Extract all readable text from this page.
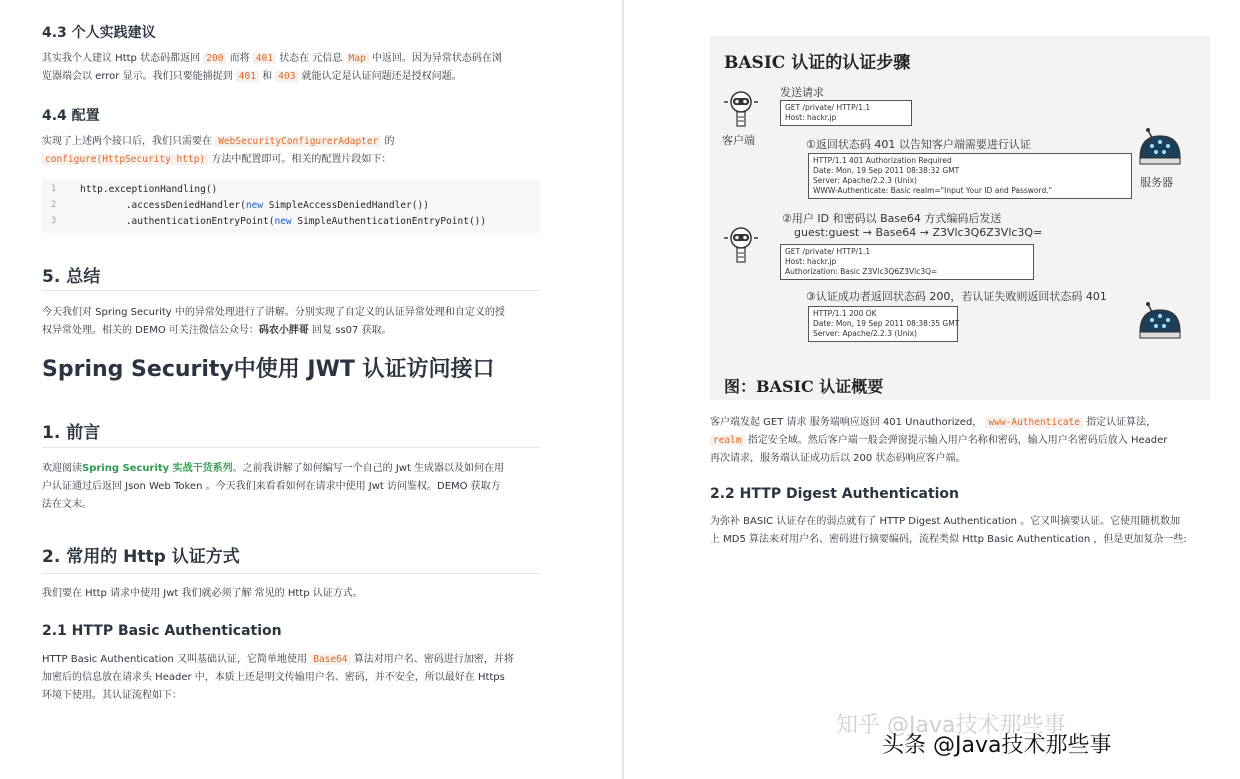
4.3 个人实践建议
其实我个人建议 Http 状态码都返回 200 而将 401 状态在 元信息 Map 中返回。因为异常状态码在浏
览器端会以 error 显示。我们只要能捕捉到 401 和 403 就能认定是认证问题还是授权问题。
4.4 配置
实现了上述两个接口后，我们只需要在 WebSecurityConfigurerAdapter 的
configure(HttpSecurity http) 方法中配置即可。相关的配置片段如下：
1	http.exceptionHandling()
2	.accessDeniedHandler(new SimpleAccessDeniedHandler())
3	.authenticationEntryPoint(new SimpleAuthenticationEntryPoint())
5. 总结
今天我们对 Spring Security 中的异常处理进行了讲解。分别实现了自定义的认证异常处理和自定义的授
权异常处理。相关的 DEMO 可关注微信公众号：码农小胖哥 回复 ss07 获取。
Spring Security中使用 JWT 认证访问接口
1. 前言
欢迎阅读Spring Security 实战干货系列。之前我讲解了如何编写一个自己的 Jwt 生成器以及如何在用
户认证通过后返回 Json Web Token 。今天我们来看看如何在请求中使用 Jwt 访问鉴权。DEMO 获取方
法在文末。
2. 常用的 Http 认证方式
我们要在 Http 请求中使用 Jwt 我们就必须了解 常见的 Http 认证方式。
2.1 HTTP Basic Authentication
HTTP Basic Authentication 又叫基础认证，它简单地使用 Base64 算法对用户名、密码进行加密，并将
加密后的信息放在请求头 Header 中，本质上还是明文传输用户名、密码，并不安全，所以最好在 Https
环境下使用。其认证流程如下：
BASIC 认证的认证步骤
客户端
发送请求
GET /private/ HTTP/1.1
Host: hackr.jp
①返回状态码 401 以告知客户端需要进行认证
HTTP/1.1 401 Authorization Required
Date: Mon, 19 Sep 2011 08:38:32 GMT
Server: Apache/2.2.3 (Unix)
WWW-Authenticate: Basic realm="Input Your ID and Password."
服务器
②用户 ID 和密码以 Base64 方式编码后发送
guest:guest → Base64 → Z3Vlc3Q6Z3Vlc3Q=
GET /private/ HTTP/1.1
Host: hackr.jp
Authorization: Basic Z3Vlc3Q6Z3Vlc3Q=
③认证成功者返回状态码 200，若认证失败则返回状态码 401
HTTP/1.1 200 OK
Date: Mon, 19 Sep 2011 08:38:35 GMT
Server: Apache/2.2.3 (Unix)
图：BASIC 认证概要
客户端发起 GET 请求 服务端响应返回 401 Unauthorized， www-Authenticate 指定认证算法，
realm 指定安全域。然后客户端一般会弹窗提示输入用户名称和密码，输入用户名密码后放入 Header
再次请求，服务端认证成功后以 200 状态码响应客户端。
2.2 HTTP Digest Authentication
为弥补 BASIC 认证存在的弱点就有了 HTTP Digest Authentication 。它又叫摘要认证。它使用随机数加
上 MD5 算法来对用户名、密码进行摘要编码，流程类似 Http Basic Authentication ，但是更加复杂一些:
知乎 @Java技术那些事
头条 @Java技术那些事
